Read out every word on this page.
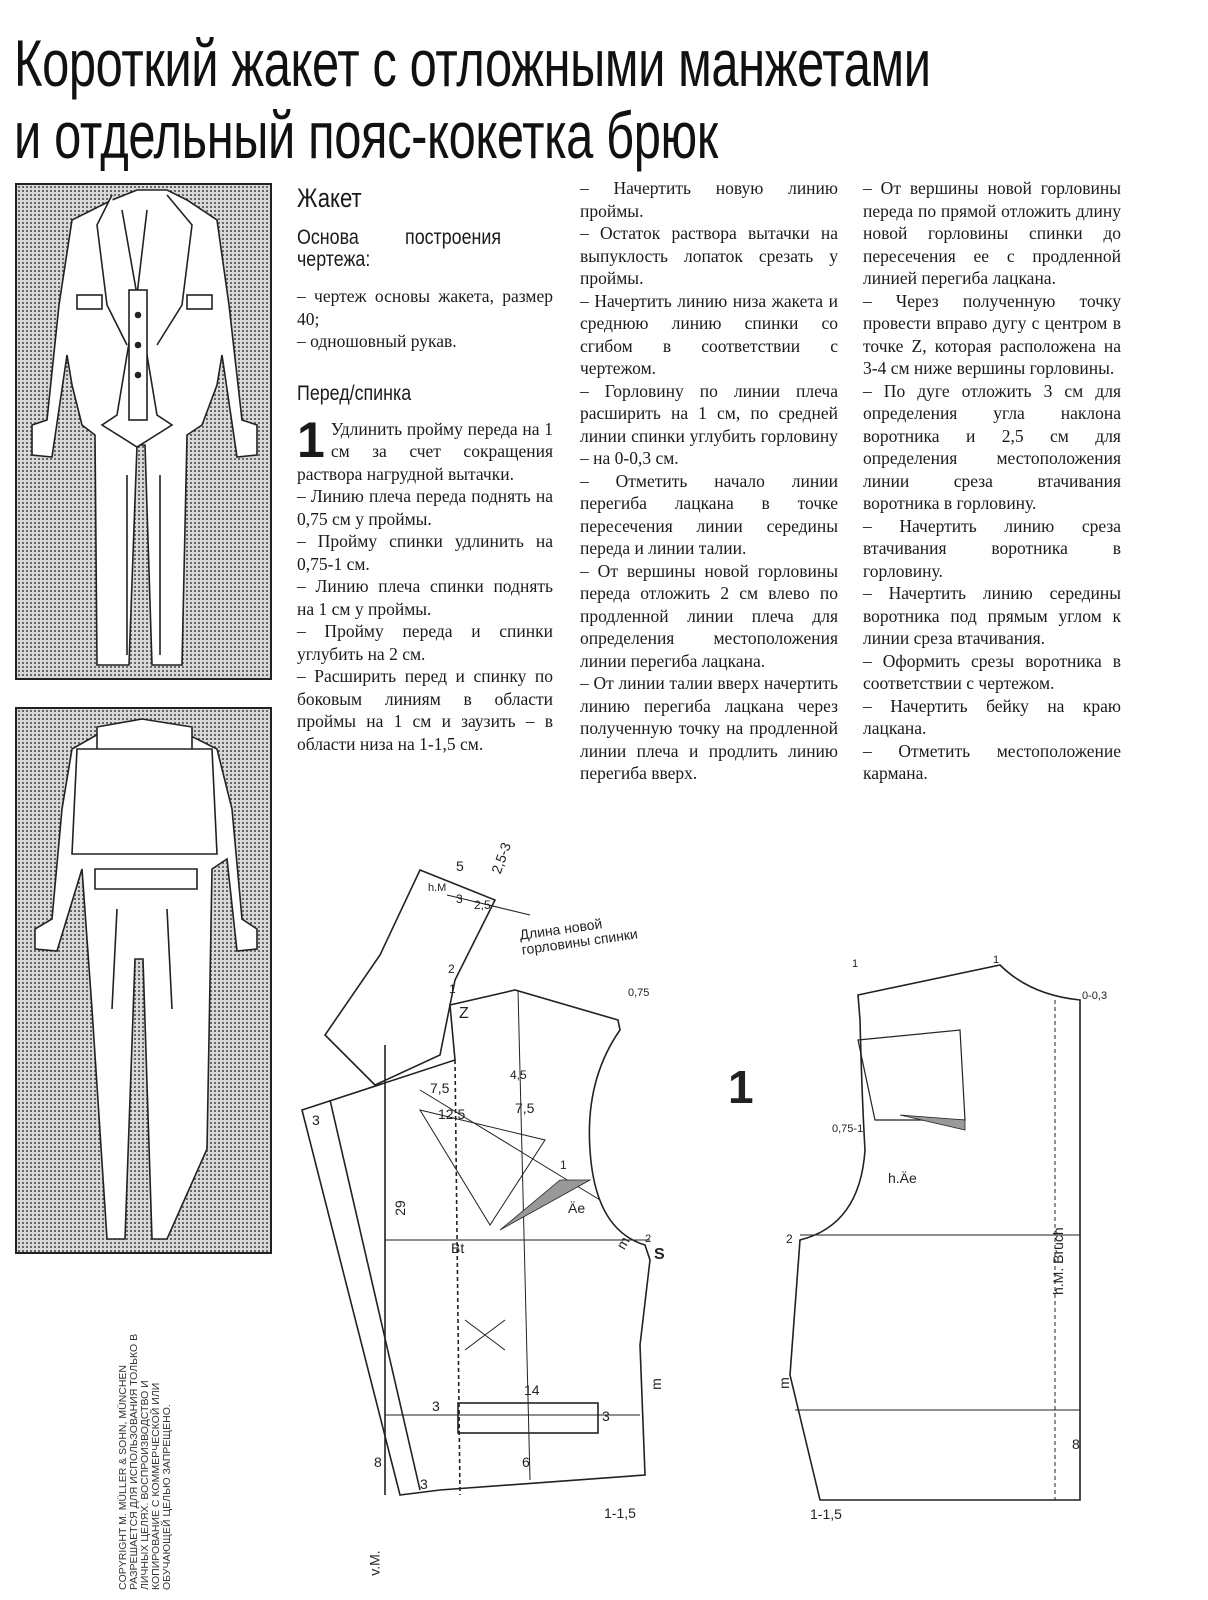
Короткий жакет с отложными манжетами
и отдельный пояс-кокетка брюк
Жакет
Основа построения чертежа:

– чертеж основы жакета, размер 40;

– одношовный рукав.

Перед/спинка

1 Удлинить пройму переда на 1 см за счет сокращения раствора нагрудной вытачки.

– Линию плеча переда поднять на 0,75 см у проймы.

– Пройму спинки удлинить на 0,75-1 см.

– Линию плеча спинки поднять на 1 см у проймы.

– Пройму переда и спинки углубить на 2 см.

– Расширить перед и спинку по боковым линиям в области проймы на 1 см и заузить – в области низа на 1-1,5 см.

– Начертить новую линию проймы.

– Остаток раствора вытачки на выпуклость лопаток срезать у проймы.

– Начертить линию низа жакета и среднюю линию спинки со сгибом в соответствии с чертежом.

– Горловину по линии плеча расширить на 1 см, по средней линии спинки углубить горловину – на 0-0,3 см.

– Отметить начало линии перегиба лацкана в точке пересечения линии середины переда и линии талии.

– От вершины новой горловины переда отложить 2 см влево по продленной линии плеча для определения местоположения линии перегиба лацкана.

– От линии талии вверх начертить линию перегиба лацкана через полученную точку на продленной линии плеча и продлить линию перегиба вверх.

– От вершины новой горловины переда по прямой отложить длину новой горловины спинки до пересечения ее с продленной линией перегиба лацкана.

– Через полученную точку провести вправо дугу с центром в точке Z, которая расположена на 3-4 см ниже вершины горловины.

– По дуге отложить 3 см для определения угла наклона воротника и 2,5 см для определения местоположения линии среза втачивания воротника в горловину.

– Начертить линию среза втачивания воротника в горловину.

– Начертить линию середины воротника под прямым углом к линии среза втачивания.

– Оформить срезы воротника в соответствии с чертежом.

– Начертить бейку на краю лацкана.

– Отметить местоположение кармана.

1
Длина новой горловины спинки
h.M
5 2,5-3
3 2,5
2
1
Z
0,75
4,5
7,5
7,5
12,5
3
29
1
Äe
Bt
2
m
S
14
3
3
m
8
3
6
1-1,5
v.M.
1	1
0-0,3
0,75-1
h.Äe
2
m
h.M. Bruch
8
1-1,5
COPYRIGHT M. MÜLLER & SOHN, MÜNCHEN РАЗРЕШАЕТСЯ ДЛЯ ИСПОЛЬЗОВАНИЯ ТОЛЬКО В ЛИЧНЫХ ЦЕЛЯХ. ВОСПРОИЗВОДСТВО И КОПИРОВАНИЕ С КОММЕРЧЕСКОЙ ИЛИ ОБУЧАЮЩЕЙ ЦЕЛЬЮ ЗАПРЕЩЕНО.
